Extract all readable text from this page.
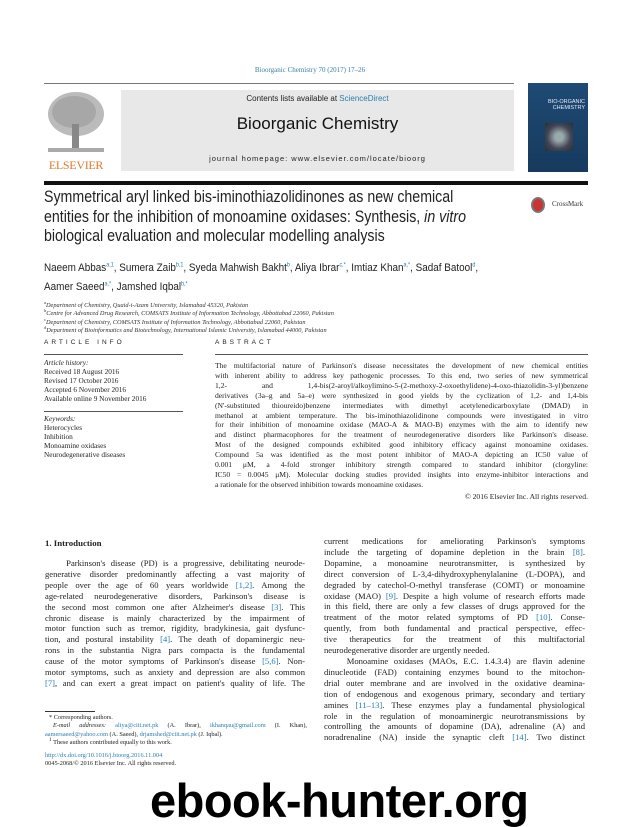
Bioorganic Chemistry 70 (2017) 17–26
ELSEVIER
Contents lists available at ScienceDirect
Bioorganic Chemistry
journal homepage: www.elsevier.com/locate/bioorg
BIO-ORGANIC CHEMISTRY
Symmetrical aryl linked bis-iminothiazolidinones as new chemical
entities for the inhibition of monoamine oxidases: Synthesis, in vitro
biological evaluation and molecular modelling analysis
CrossMark
Naeem Abbas$^{a,1}$, Sumera Zaib$^{b,1}$, Syeda Mahwish Bakht$^b$, Aliya Ibrar$^{c,*}$, Imtiaz Khan$^{a,*}$, Sadaf Batool$^d$,
Aamer Saeed$^{a,*}$, Jamshed Iqbal$^{b,*}$
$^a$Department of Chemistry, Quaid-i-Azam University, Islamabad 45320, Pakistan
$^b$Centre for Advanced Drug Research, COMSATS Institute of Information Technology, Abbottabad 22060, Pakistan
$^c$Department of Chemistry, COMSATS Institute of Information Technology, Abbottabad 22060, Pakistan
$^d$Department of Bioinformatics and Biotechnology, International Islamic University, Islamabad 44000, Pakistan
ARTICLE INFO
Article history:
Received 18 August 2016
Revised 17 October 2016
Accepted 6 November 2016
Available online 9 November 2016
Keywords:
Heterocycles
Inhibition
Monoamine oxidases
Neurodegenerative diseases
ABSTRACT
The multifactorial nature of Parkinson's disease necessitates the development of new chemical entities
with inherent ability to address key pathogenic processes. To this end, two series of new symmetrical
1,2-   and   1,4-bis(2-aroyl/alkoylimino-5-(2-methoxy-2-oxoethylidene)-4-oxo-thiazolidin-3-yl)benzene
derivatives (3a–g and 5a–e) were synthesized in good yields by the cyclization of 1,2- and 1,4-bis
(N'-substituted thioureido)benzene intermediates with dimethyl acetylenedicarboxylate (DMAD) in
methanol at ambient temperature. The bis-iminothiazolidinone compounds were investigated in vitro
for their inhibition of monoamine oxidase (MAO-A & MAO-B) enzymes with the aim to identify new
and distinct pharmacophores for the treatment of neurodegenerative disorders like Parkinson's disease.
Most of the designed compounds exhibited good inhibitory efficacy against monoamine oxidases.
Compound 5a was identified as the most potent inhibitor of MAO-A depicting an IC50 value of
0.001 μM, a 4-fold stronger inhibitory strength compared to standard inhibitor (clorgyline:
IC50 = 0.0045 μM). Molecular docking studies provided insights into enzyme-inhibitor interactions and
a rationale for the observed inhibition towards monoamine oxidases.
© 2016 Elsevier Inc. All rights reserved.
1. Introduction
Parkinson's disease (PD) is a progressive, debilitating neurode-
generative disorder predominantly affecting a vast majority of
people over the age of 60 years worldwide [1,2]. Among the
age-related neurodegenerative disorders, Parkinson's disease is
the second most common one after Alzheimer's disease [3]. This
chronic disease is mainly characterized by the impairment of
motor function such as tremor, rigidity, bradykinesia, gait dysfunc-
tion, and postural instability [4]. The death of dopaminergic neu-
rons in the substantia Nigra pars compacta is the fundamental
cause of the motor symptoms of Parkinson's disease [5,6]. Non-
motor symptoms, such as anxiety and depression are also common
[7], and can exert a great impact on patient's quality of life. The
current medications for ameliorating Parkinson's symptoms
include the targeting of dopamine depletion in the brain [8].
Dopamine, a monoamine neurotransmitter, is synthesized by
direct conversion of L-3,4-dihydroxyphenylalanine (L-DOPA), and
degraded by catechol-O-methyl transferase (COMT) or monoamine
oxidase (MAO) [9]. Despite a high volume of research efforts made
in this field, there are only a few classes of drugs approved for the
treatment of the motor related symptoms of PD [10]. Conse-
quently, from both fundamental and practical perspective, effec-
tive therapeutics for the treatment of this multifactorial
neurodegenerative disorder are urgently needed.
Monoamine oxidases (MAOs, E.C. 1.4.3.4) are flavin adenine
dinucleotide (FAD) containing enzymes bound to the mitochon-
drial outer membrane and are involved in the oxidative deamina-
tion of endogenous and exogenous primary, secondary and tertiary
amines [11–13]. These enzymes play a fundamental physiological
role in the regulation of monoaminergic neurotransmissions by
controlling the amounts of dopamine (DA), adrenaline (A) and
noradrenaline (NA) inside the synaptic cleft [14]. Two distinct
* Corresponding authors.
E-mail addresses: aliya@ciit.net.pk (A. Ibrar), ikhanqau@gmail.com (I. Khan), aamersaeed@yahoo.com (A. Saeed), drjamshed@ciit.net.pk (J. Iqbal).
$^1$ These authors contributed equally to this work.
http://dx.doi.org/10.1016/j.bioorg.2016.11.004
0045-2068/© 2016 Elsevier Inc. All rights reserved.
ebook-hunter.org
